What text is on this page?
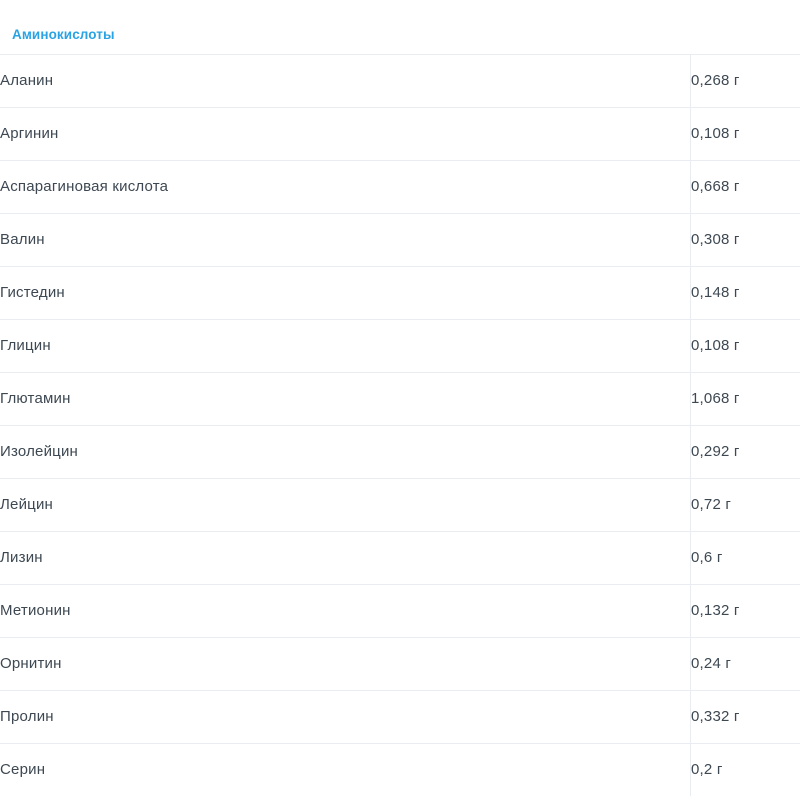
Аминокислоты
Аланин	0,268 г
Аргинин	0,108 г
Аспарагиновая кислота	0,668 г
Валин	0,308 г
Гистедин	0,148 г
Глицин	0,108 г
Глютамин	1,068 г
Изолейцин	0,292 г
Лейцин	0,72 г
Лизин	0,6 г
Метионин	0,132 г
Орнитин	0,24 г
Пролин	0,332 г
Серин	0,2 г
